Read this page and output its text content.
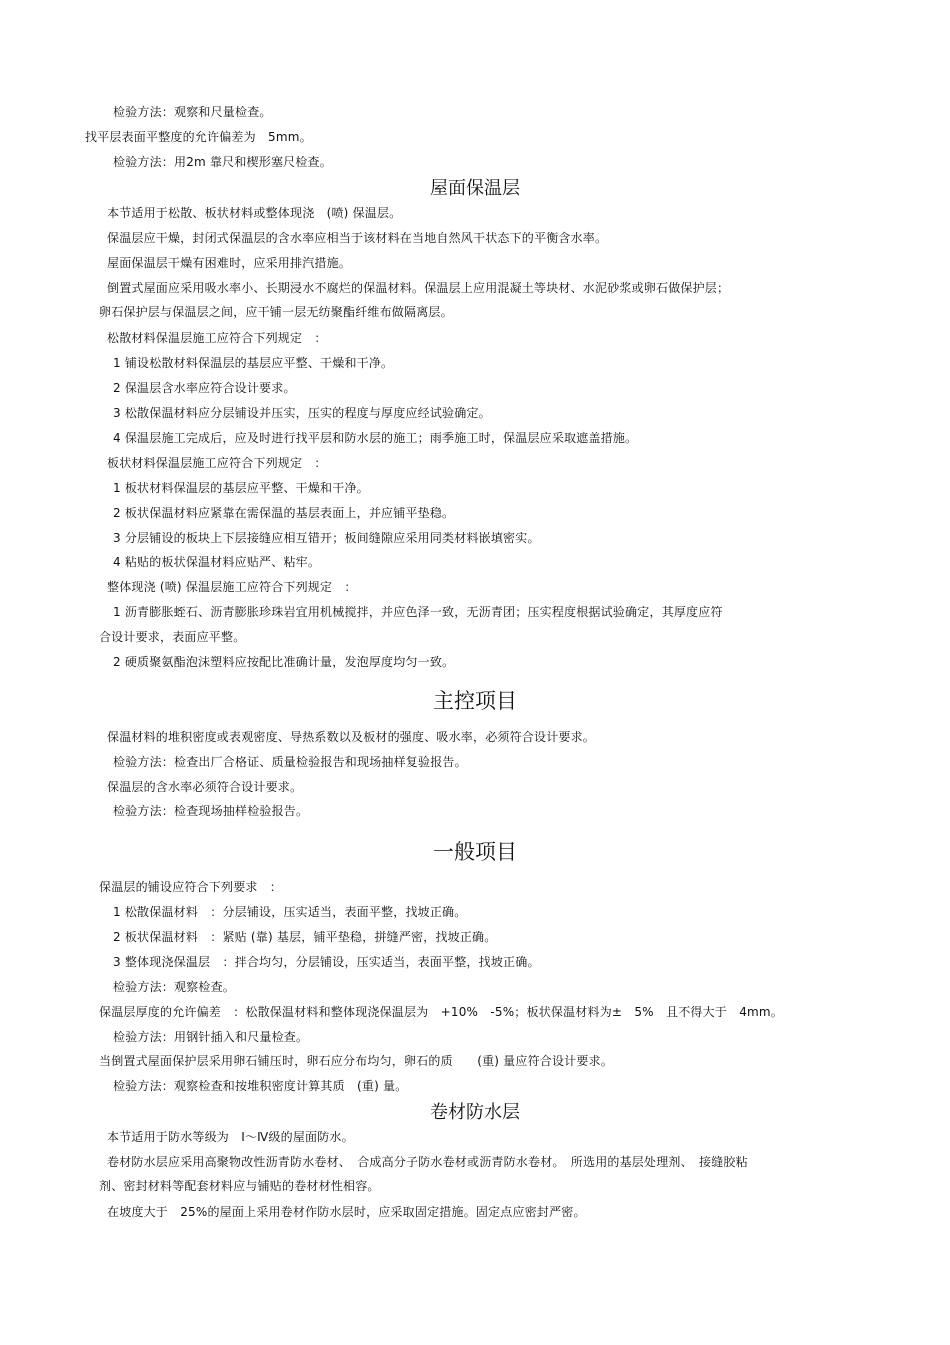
检验方法：观察和尺量检查。
找平层表面平整度的允许偏差为　5mm。
检验方法：用2m 靠尺和楔形塞尺检查。
本节适用于松散、板状材料或整体现浇　(喷) 保温层。
保温层应干燥，封闭式保温层的含水率应相当于该材料在当地自然风干状态下的平衡含水率。
屋面保温层干燥有困难时，应采用排汽措施。
倒置式屋面应采用吸水率小、长期浸水不腐烂的保温材料。保温层上应用混凝土等块材、水泥砂浆或卵石做保护层；
卵石保护层与保温层之间，应干铺一层无纺聚酯纤维布做隔离层。
松散材料保温层施工应符合下列规定　：
1 铺设松散材料保温层的基层应平整、干燥和干净。
2 保温层含水率应符合设计要求。
3 松散保温材料应分层铺设并压实，压实的程度与厚度应经试验确定。
4 保温层施工完成后，应及时进行找平层和防水层的施工；雨季施工时，保温层应采取遮盖措施。
板状材料保温层施工应符合下列规定　：
1 板状材料保温层的基层应平整、干燥和干净。
2 板状保温材料应紧靠在需保温的基层表面上，并应铺平垫稳。
3 分层铺设的板块上下层接缝应相互错开；板间缝隙应采用同类材料嵌填密实。
4 粘贴的板状保温材料应贴严、粘牢。
整体现浇 (喷) 保温层施工应符合下列规定　：
1 沥青膨胀蛭石、沥青膨胀珍珠岩宜用机械搅拌，并应色泽一致，无沥青团；压实程度根据试验确定，其厚度应符
合设计要求，表面应平整。
2 硬质聚氨酯泡沫塑料应按配比准确计量，发泡厚度均匀一致。
保温材料的堆积密度或表观密度、导热系数以及板材的强度、吸水率，必须符合设计要求。
检验方法：检查出厂合格证、质量检验报告和现场抽样复验报告。
保温层的含水率必须符合设计要求。
检验方法：检查现场抽样检验报告。
保温层的铺设应符合下列要求　：
1 松散保温材料　：分层铺设，压实适当，表面平整，找坡正确。
2 板状保温材料　：紧贴 (靠) 基层，铺平垫稳，拼缝严密，找坡正确。
3 整体现浇保温层　：拌合均匀，分层铺设，压实适当，表面平整，找坡正确。
检验方法：观察检查。
保温层厚度的允许偏差　：松散保温材料和整体现浇保温层为　+10%　-5%；板状保温材料为±　5%　且不得大于　4mm。
检验方法：用钢针插入和尺量检查。
当倒置式屋面保护层采用卵石铺压时，卵石应分布均匀，卵石的质　　(重) 量应符合设计要求。
检验方法：观察检查和按堆积密度计算其质　(重) 量。
本节适用于防水等级为　Ⅰ～Ⅳ级的屋面防水。
卷材防水层应采用高聚物改性沥青防水卷材、　合成高分子防水卷材或沥青防水卷材。　所选用的基层处理剂、　接缝胶粘
剂、密封材料等配套材料应与铺贴的卷材材性相容。
在坡度大于　25%的屋面上采用卷材作防水层时，应采取固定措施。固定点应密封严密。
屋面保温层
主控项目
一般项目
卷材防水层
